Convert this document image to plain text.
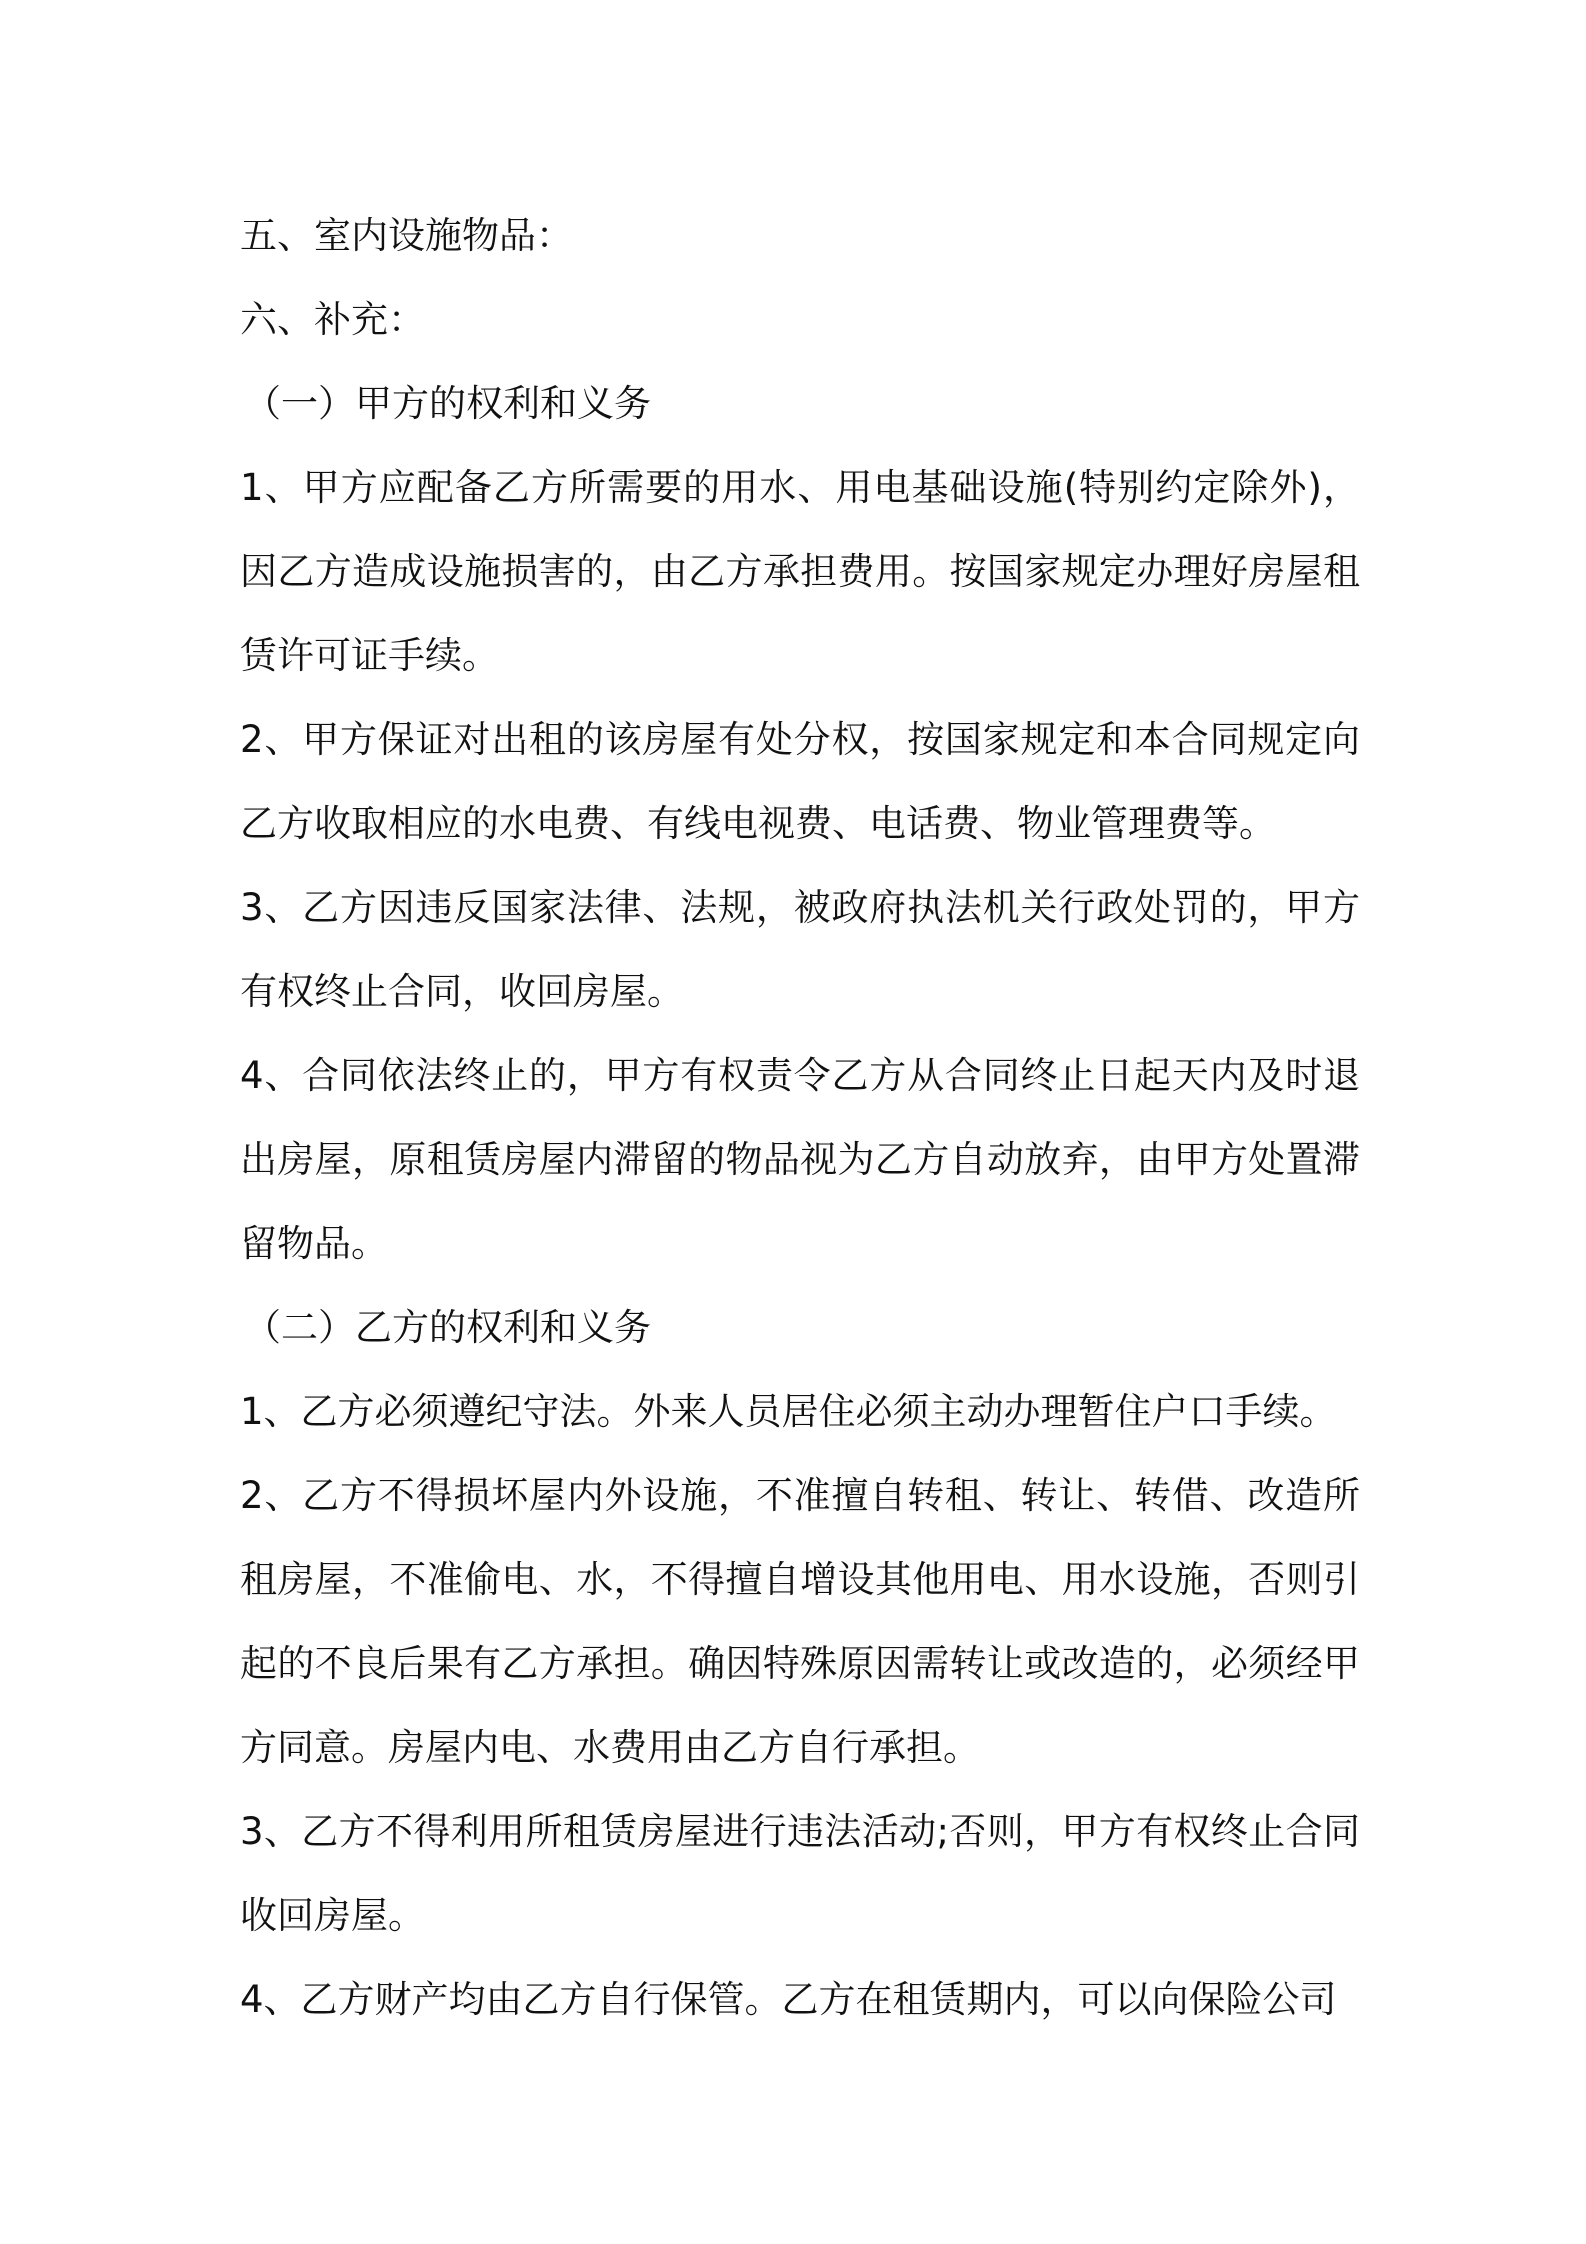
五、室内设施物品：

六、补充：

（一）甲方的权利和义务

1、甲方应配备乙方所需要的用水、用电基础设施(特别约定除外)，因乙方造成设施损害的，由乙方承担费用。按国家规定办理好房屋租赁许可证手续。

2、甲方保证对出租的该房屋有处分权，按国家规定和本合同规定向乙方收取相应的水电费、有线电视费、电话费、物业管理费等。

3、乙方因违反国家法律、法规，被政府执法机关行政处罚的，甲方有权终止合同，收回房屋。

4、合同依法终止的，甲方有权责令乙方从合同终止日起天内及时退出房屋，原租赁房屋内滞留的物品视为乙方自动放弃，由甲方处置滞留物品。

（二）乙方的权利和义务

1、乙方必须遵纪守法。外来人员居住必须主动办理暂住户口手续。

2、乙方不得损坏屋内外设施，不准擅自转租、转让、转借、改造所租房屋，不准偷电、水，不得擅自增设其他用电、用水设施，否则引起的不良后果有乙方承担。确因特殊原因需转让或改造的，必须经甲方同意。房屋内电、水费用由乙方自行承担。

3、乙方不得利用所租赁房屋进行违法活动;否则，甲方有权终止合同收回房屋。

4、乙方财产均由乙方自行保管。乙方在租赁期内，可以向保险公司
